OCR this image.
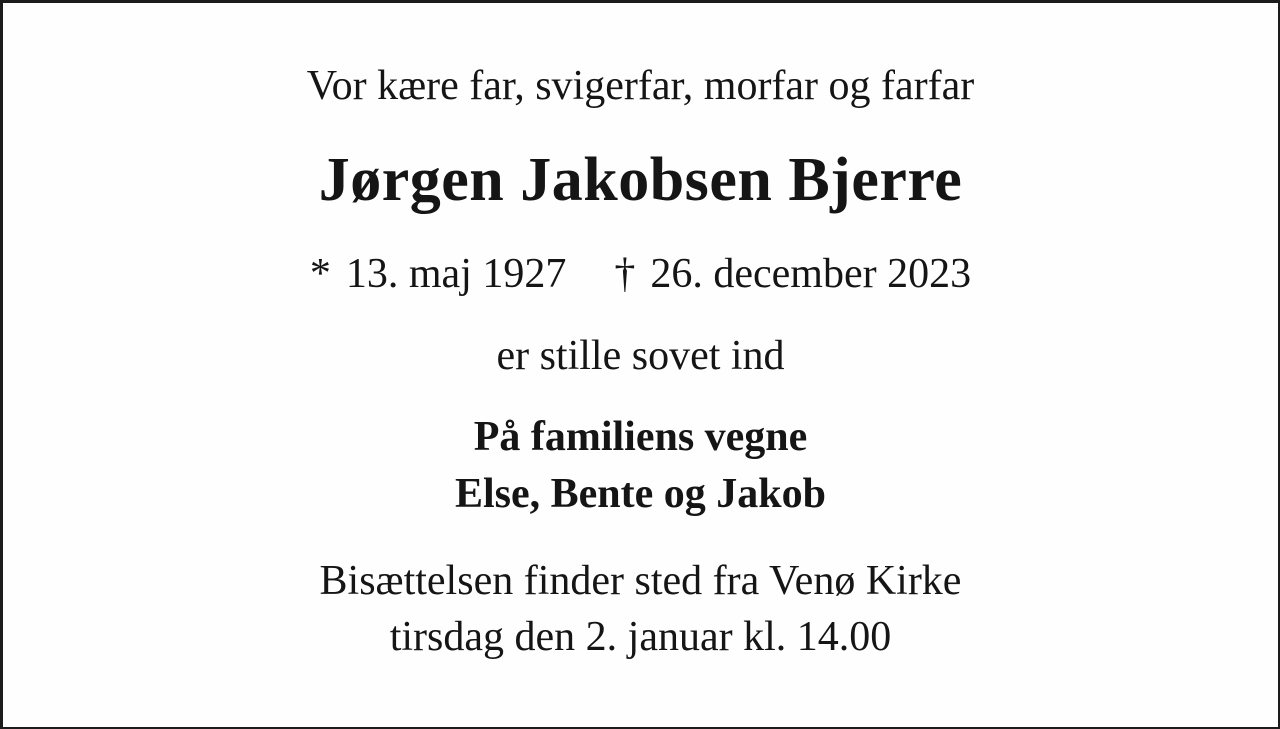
Vor kære far, svigerfar, morfar og farfar

Jørgen Jakobsen Bjerre

* 13. maj 1927 † 26. december 2023

er stille sovet ind

På familiens vegne
Else, Bente og Jakob

Bisættelsen finder sted fra Venø Kirke
tirsdag den 2. januar kl. 14.00
